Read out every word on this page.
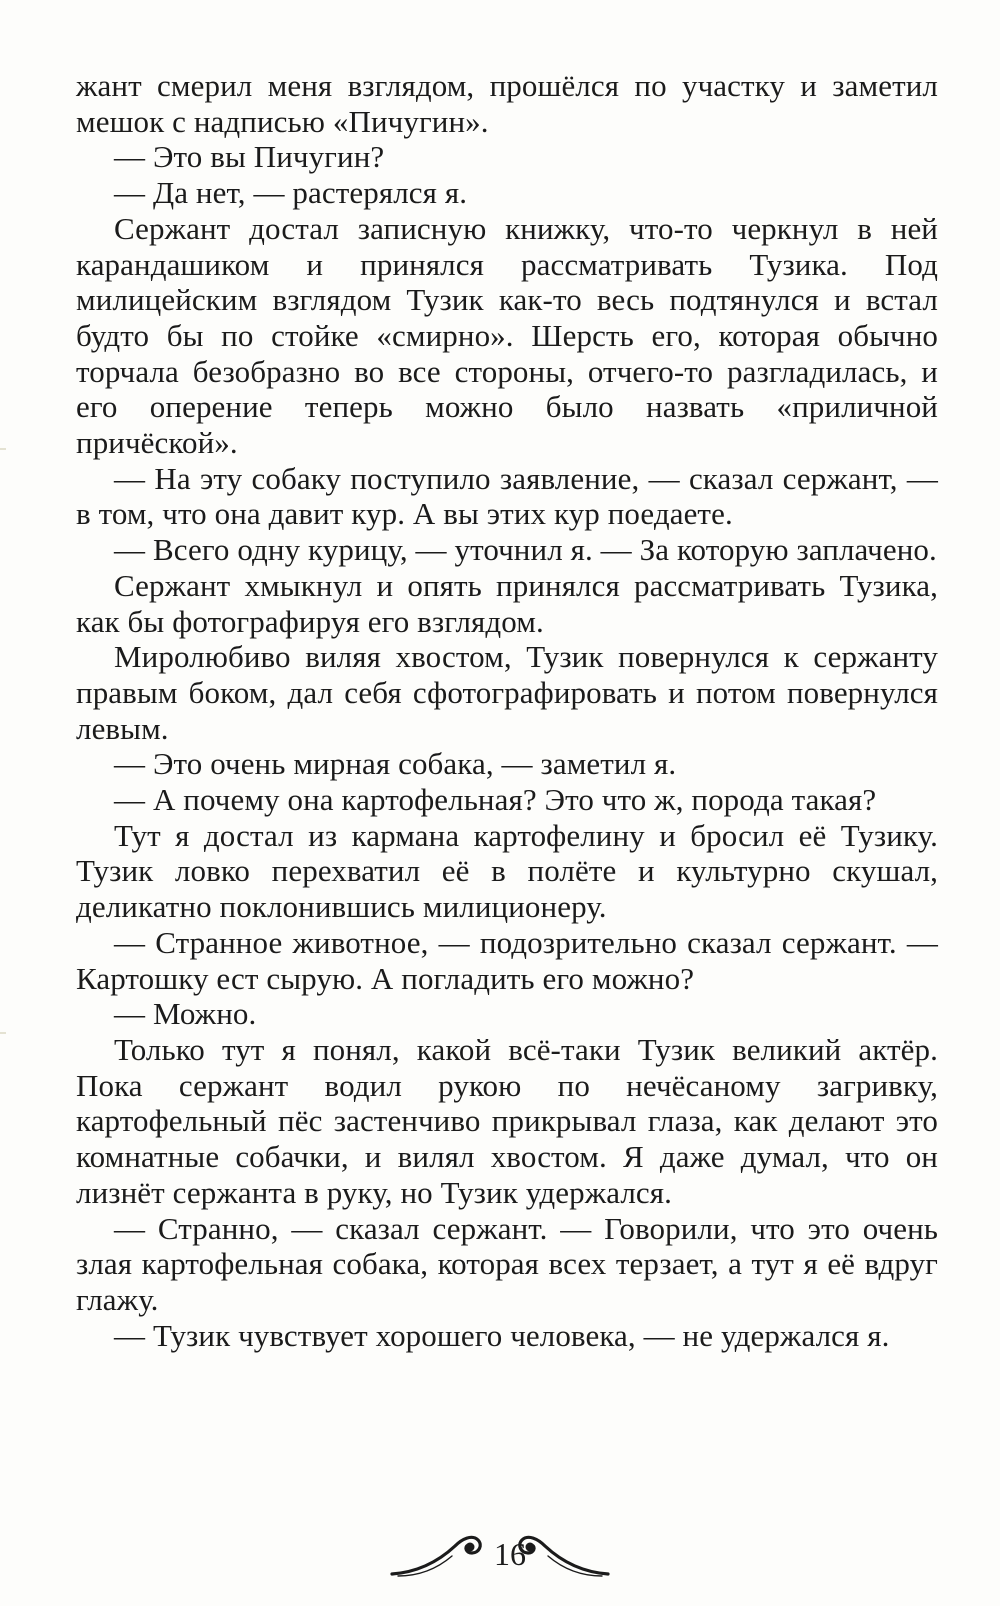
жант смерил меня взглядом, прошёлся по участку и заметил мешок с надписью «Пичугин».

— Это вы Пичугин?

— Да нет, — растерялся я.

Сержант достал записную книжку, что-то черкнул в ней карандашиком и принялся рассматривать Тузика. Под милицейским взглядом Тузик как-то весь подтянулся и встал будто бы по стойке «смирно». Шерсть его, которая обычно торчала безобразно во все стороны, отчего-то разгладилась, и его оперение теперь можно было назвать «приличной причёской».

— На эту собаку поступило заявление, — сказал сержант, — в том, что она давит кур. А вы этих кур поедаете.

— Всего одну курицу, — уточнил я. — За которую заплачено.

Сержант хмыкнул и опять принялся рассматривать Тузика, как бы фотографируя его взглядом.

Миролюбиво виляя хвостом, Тузик повернулся к сержанту правым боком, дал себя сфотографировать и потом повернулся левым.

— Это очень мирная собака, — заметил я.

— А почему она картофельная? Это что ж, порода такая?

Тут я достал из кармана картофелину и бросил её Тузику. Тузик ловко перехватил её в полёте и культурно скушал, деликатно поклонившись милиционеру.

— Странное животное, — подозрительно сказал сержант. — Картошку ест сырую. А погладить его можно?

— Можно.

Только тут я понял, какой всё-таки Тузик великий актёр. Пока сержант водил рукою по нечёсаному загривку, картофельный пёс застенчиво прикрывал глаза, как делают это комнатные собачки, и вилял хвостом. Я даже думал, что он лизнёт сержанта в руку, но Тузик удержался.

— Странно, — сказал сержант. — Говорили, что это очень злая картофельная собака, которая всех терзает, а тут я её вдруг глажу.

— Тузик чувствует хорошего человека, — не удержался я.

16
